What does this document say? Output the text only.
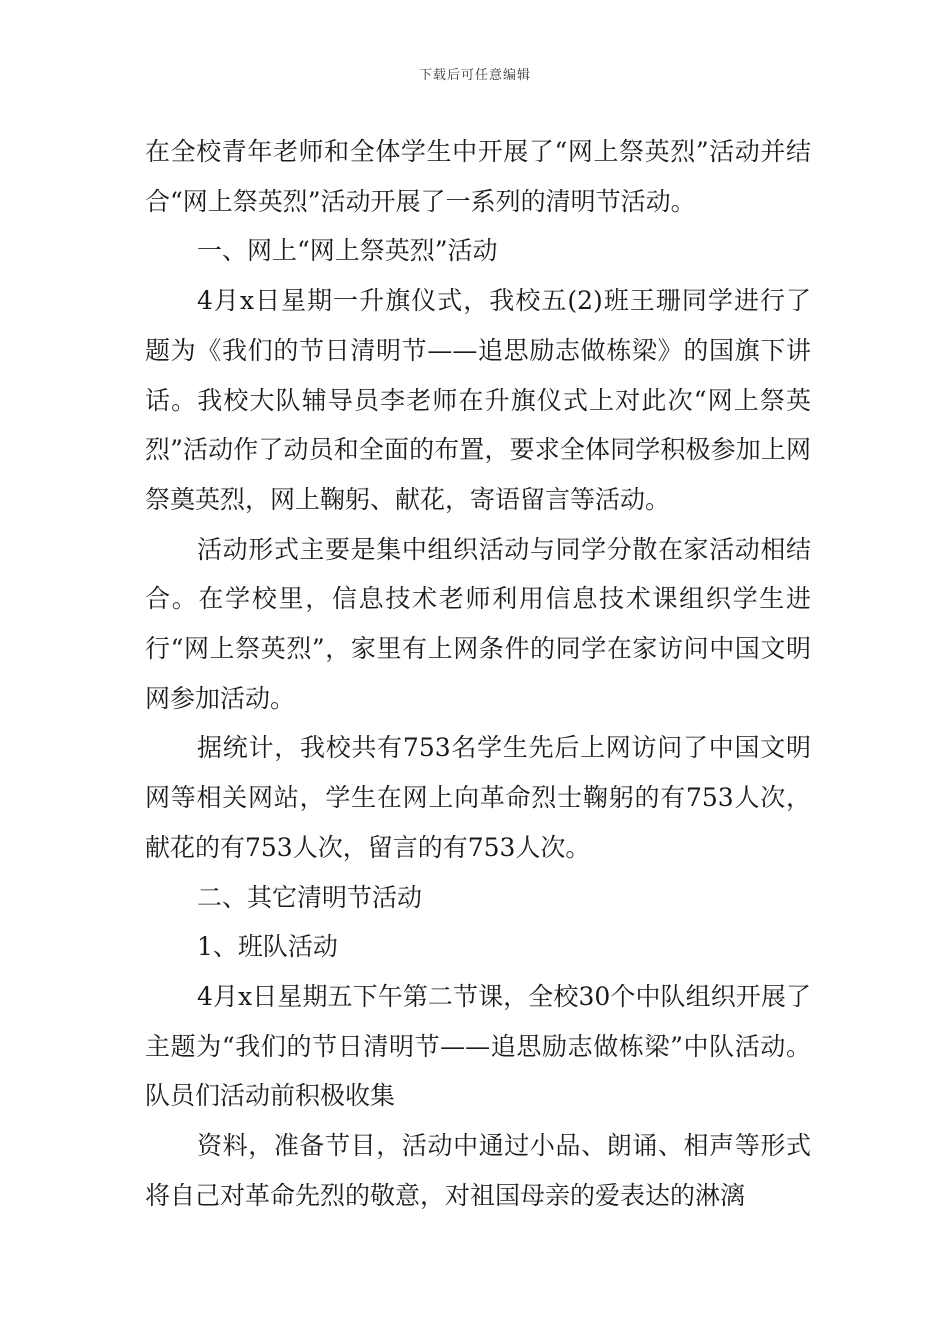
下载后可任意编辑

在全校青年老师和全体学生中开展了“网上祭英烈”活动并结合“网上祭英烈”活动开展了一系列的清明节活动。

一、网上“网上祭英烈”活动

4月x日星期一升旗仪式，我校五(2)班王珊同学进行了题为《我们的节日清明节——追思励志做栋梁》的国旗下讲话。我校大队辅导员李老师在升旗仪式上对此次“网上祭英烈”活动作了动员和全面的布置，要求全体同学积极参加上网祭奠英烈，网上鞠躬、献花，寄语留言等活动。

活动形式主要是集中组织活动与同学分散在家活动相结合。在学校里，信息技术老师利用信息技术课组织学生进行“网上祭英烈”，家里有上网条件的同学在家访问中国文明网参加活动。

据统计，我校共有753名学生先后上网访问了中国文明网等相关网站，学生在网上向革命烈士鞠躬的有753人次，献花的有753人次，留言的有753人次。

二、其它清明节活动

1、班队活动

4月x日星期五下午第二节课，全校30个中队组织开展了主题为“我们的节日清明节——追思励志做栋梁”中队活动。队员们活动前积极收集

资料，准备节目，活动中通过小品、朗诵、相声等形式将自己对革命先烈的敬意，对祖国母亲的爱表达的淋漓
